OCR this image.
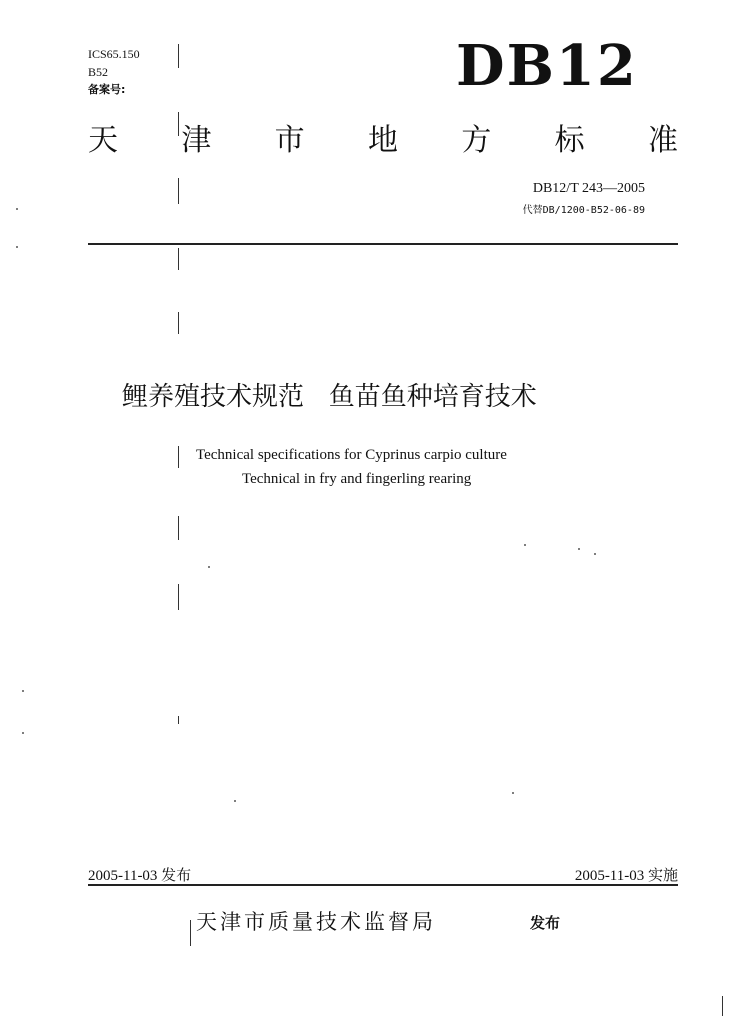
ICS65.150
B52
备案号:	DB12
天 津 市 地 方 标 准
DB12/T 243—2005
代替DB/1200-B52-06-89
鲤养殖技术规范   鱼苗鱼种培育技术
Technical specifications for Cyprinus carpio culture
Technical in fry and fingerling rearing
2005-11-03 发布	2005-11-03 实施
天津市质量技术监督局	发布
